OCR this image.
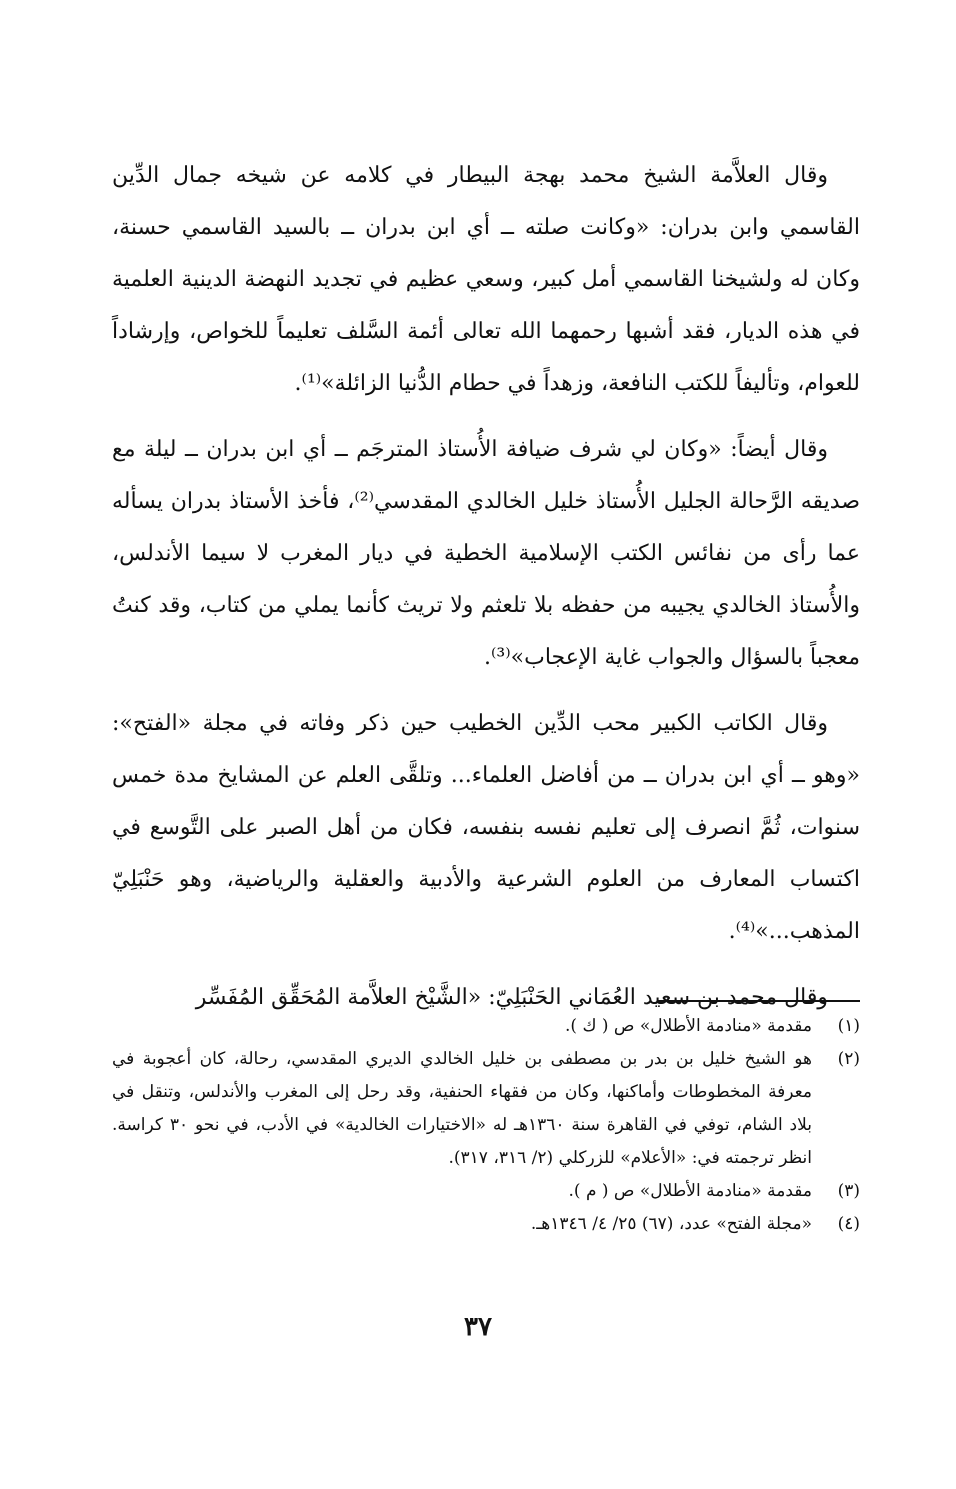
وقال العلاَّمة الشيخ محمد بهجة البيطار في كلامه عن شيخه جمال الدِّين القاسمي وابن بدران: «وكانت صلته ــ أي ابن بدران ــ بالسيد القاسمي حسنة، وكان له ولشيخنا القاسمي أمل كبير، وسعي عظيم في تجديد النهضة الدينية العلمية في هذه الديار، فقد أشبها رحمهما الله تعالى أئمة السَّلف تعليماً للخواص، وإرشاداً للعوام، وتأليفاً للكتب النافعة، وزهداً في حطام الدُّنيا الزائلة»⁽¹⁾.

وقال أيضاً: «وكان لي شرف ضيافة الأُستاذ المترجَم ــ أي ابن بدران ــ ليلة مع صديقه الرَّحالة الجليل الأُستاذ خليل الخالدي المقدسي⁽²⁾، فأخذ الأستاذ بدران يسأله عما رأى من نفائس الكتب الإسلامية الخطية في ديار المغرب لا سيما الأندلس، والأُستاذ الخالدي يجيبه من حفظه بلا تلعثم ولا تريث كأنما يملي من كتاب، وقد كنتُ معجباً بالسؤال والجواب غاية الإعجاب»⁽³⁾.

وقال الكاتب الكبير محب الدِّين الخطيب حين ذكر وفاته في مجلة «الفتح»: «وهو ــ أي ابن بدران ــ من أفاضل العلماء... وتلقَّى العلم عن المشايخ مدة خمس سنوات، ثُمَّ انصرف إلى تعليم نفسه بنفسه، فكان من أهل الصبر على التَّوسع في اكتساب المعارف من العلوم الشرعية والأدبية والعقلية والرياضية، وهو حَنْبَلِيّ المذهب...»⁽⁴⁾.

وقال محمد بن سعيد العُمَاني الحَنْبَلِيّ: «الشَّيْخ العلاَّمة المُحَقِّق المُفَسِّر

(١)
مقدمة «منادمة الأطلال» ص ( ك ).
(٢)
هو الشيخ خليل بن بدر بن مصطفى بن خليل الخالدي الديري المقدسي، رحالة، كان أعجوبة في معرفة المخطوطات وأماكنها، وكان من فقهاء الحنفية، وقد رحل إلى المغرب والأندلس، وتنقل في بلاد الشام، توفي في القاهرة سنة ١٣٦٠هـ له «الاختيارات الخالدية» في الأدب، في نحو ٣٠ كراسة. انظر ترجمته في: «الأعلام» للزركلي (٢/ ٣١٦، ٣١٧).
(٣)
مقدمة «منادمة الأطلال» ص ( م ).
(٤)
«مجلة الفتح» عدد، (٦٧) ٢٥/ ٤/ ١٣٤٦هـ.
٣٧
